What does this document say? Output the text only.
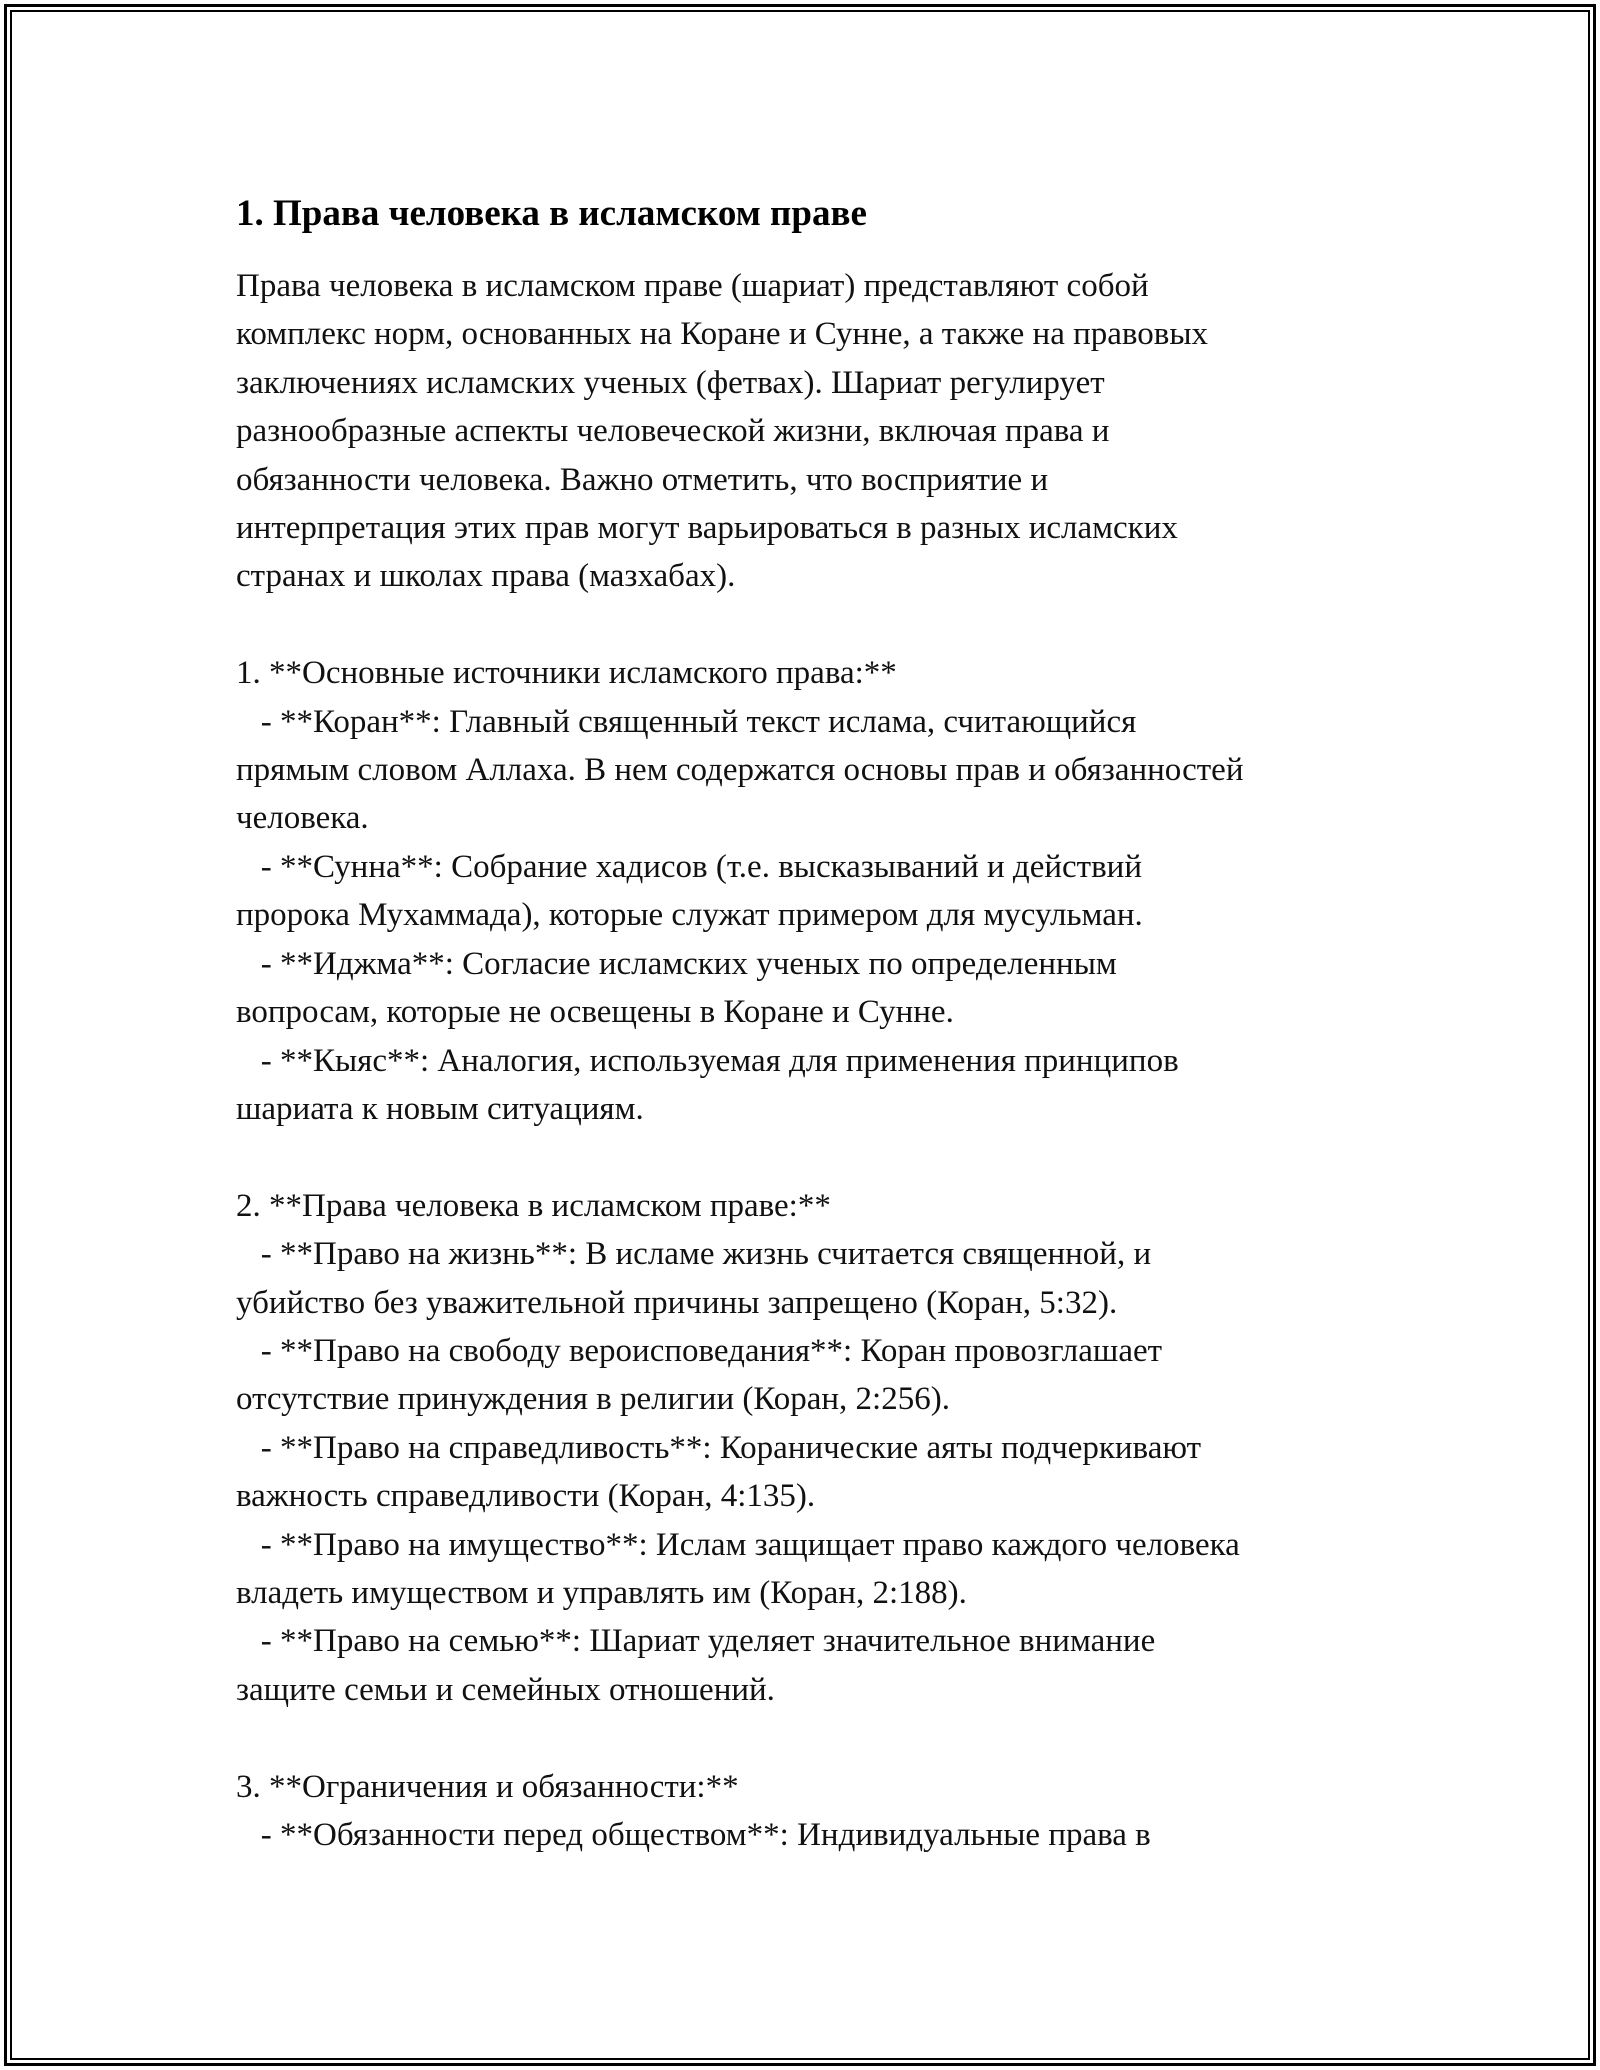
1. Права человека в исламском праве
Права человека в исламском праве (шариат) представляют собой
комплекс норм, основанных на Коране и Сунне, а также на правовых
заключениях исламских ученых (фетвах). Шариат регулирует
разнообразные аспекты человеческой жизни, включая права и
обязанности человека. Важно отметить, что восприятие и
интерпретация этих прав могут варьироваться в разных исламских
странах и школах права (мазхабах).

1. **Основные источники исламского права:**
- **Коран**: Главный священный текст ислама, считающийся
прямым словом Аллаха. В нем содержатся основы прав и обязанностей
человека.
- **Сунна**: Собрание хадисов (т.е. высказываний и действий
пророка Мухаммада), которые служат примером для мусульман.
- **Иджма**: Согласие исламских ученых по определенным
вопросам, которые не освещены в Коране и Сунне.
- **Кыяс**: Аналогия, используемая для применения принципов
шариата к новым ситуациям.

2. **Права человека в исламском праве:**
- **Право на жизнь**: В исламе жизнь считается священной, и
убийство без уважительной причины запрещено (Коран, 5:32).
- **Право на свободу вероисповедания**: Коран провозглашает
отсутствие принуждения в религии (Коран, 2:256).
- **Право на справедливость**: Коранические аяты подчеркивают
важность справедливости (Коран, 4:135).
- **Право на имущество**: Ислам защищает право каждого человека
владеть имуществом и управлять им (Коран, 2:188).
- **Право на семью**: Шариат уделяет значительное внимание
защите семьи и семейных отношений.

3. **Ограничения и обязанности:**
- **Обязанности перед обществом**: Индивидуальные права в
